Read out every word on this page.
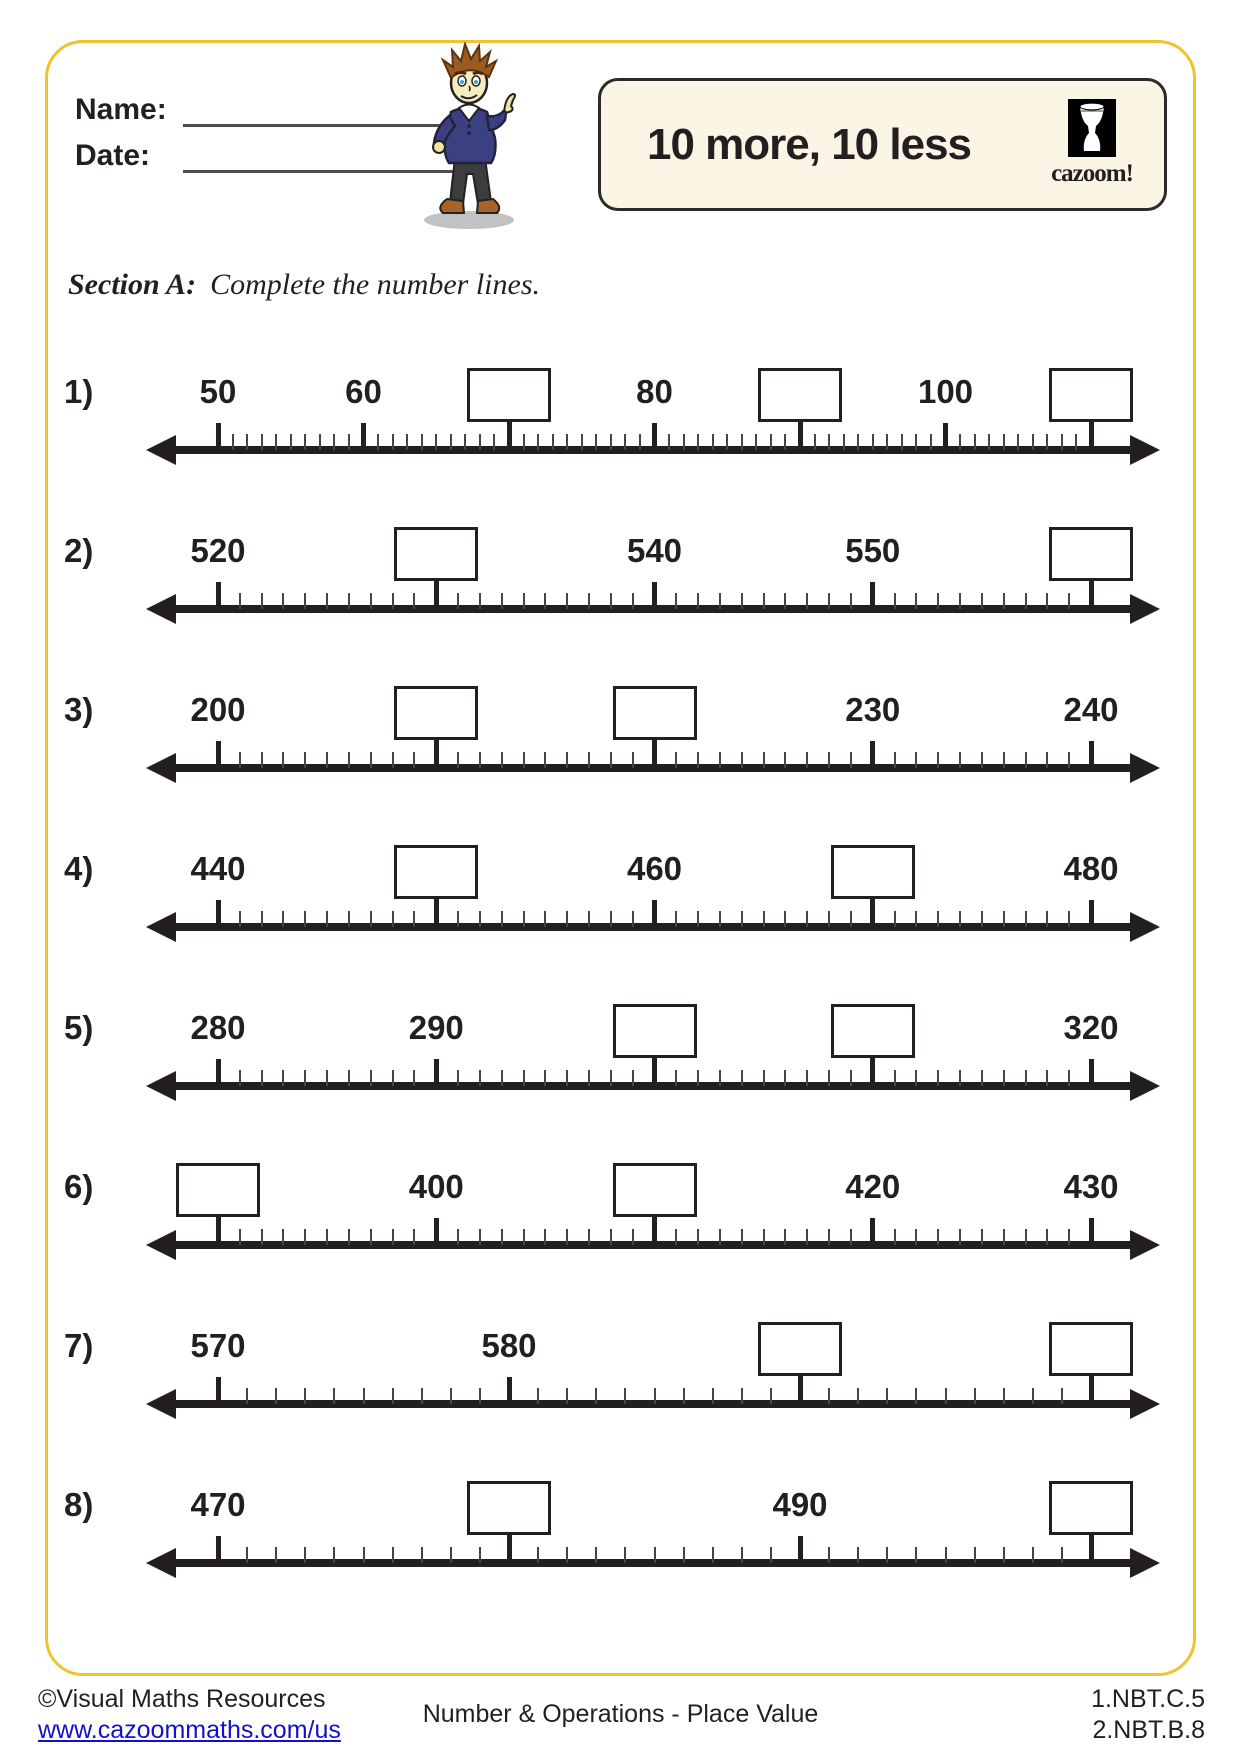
Name:
Date:	10 more, 10 less
cazoom!
Section A: Complete the number lines.
1)	50	60	80	100
2)	520	540	550
3)	200	230	240
4)	440	460	480
5)	280	290	320
6)	400	420	430
7)	570	580
8)	470	490
©Visual Maths Resources
www.cazoommaths.com/us
Number & Operations - Place Value
1.NBT.C.5
2.NBT.B.8
